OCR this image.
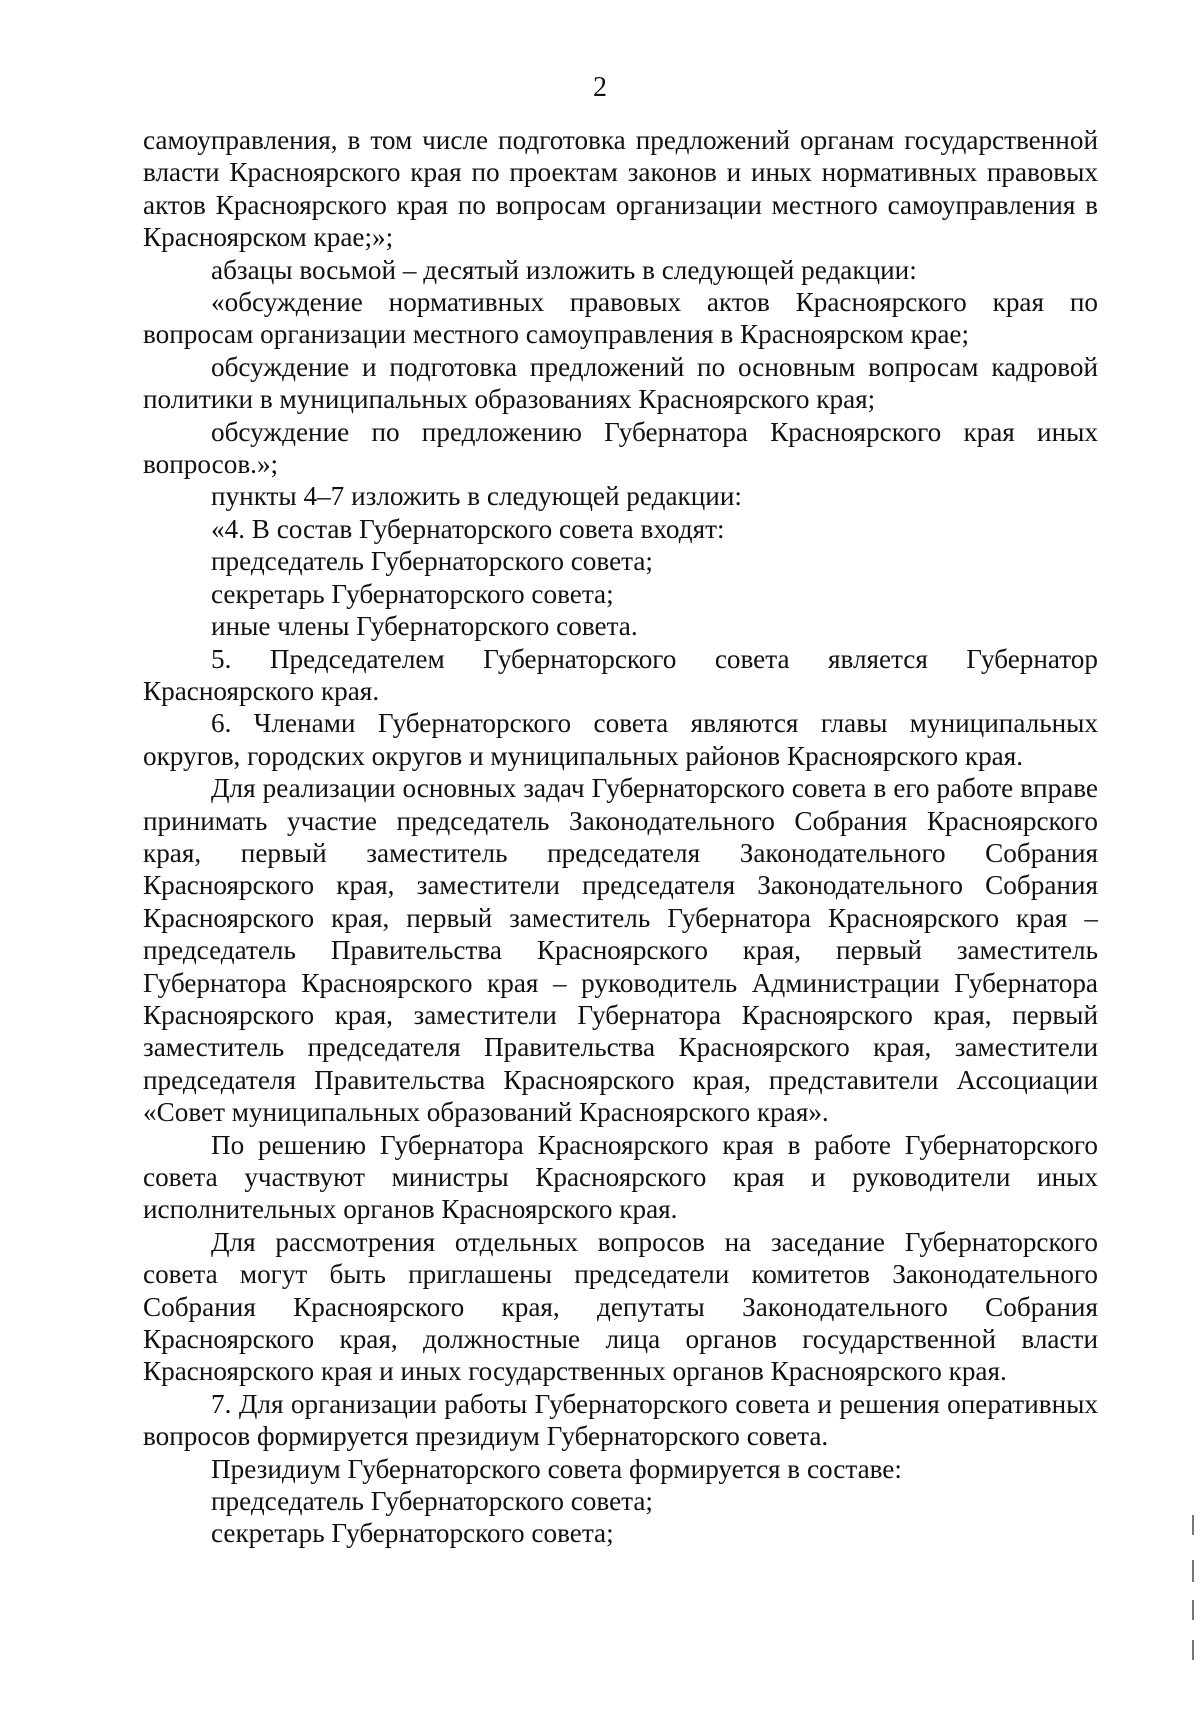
2

самоуправления, в том числе подготовка предложений органам государственной власти Красноярского края по проектам законов и иных нормативных правовых актов Красноярского края по вопросам организации местного самоуправления в Красноярском крае;»;

абзацы восьмой – десятый изложить в следующей редакции:

«обсуждение нормативных правовых актов Красноярского края по вопросам организации местного самоуправления в Красноярском крае;

обсуждение и подготовка предложений по основным вопросам кадровой политики в муниципальных образованиях Красноярского края;

обсуждение по предложению Губернатора Красноярского края иных вопросов.»;

пункты 4–7 изложить в следующей редакции:

«4. В состав Губернаторского совета входят:

председатель Губернаторского совета;

секретарь Губернаторского совета;

иные члены Губернаторского совета.

5. Председателем Губернаторского совета является Губернатор Красноярского края.

6. Членами Губернаторского совета являются главы муниципальных округов, городских округов и муниципальных районов Красноярского края.

Для реализации основных задач Губернаторского совета в его работе вправе принимать участие председатель Законодательного Собрания Красноярского края, первый заместитель председателя Законодательного Собрания Красноярского края, заместители председателя Законодательного Собрания Красноярского края, первый заместитель Губернатора Красноярского края – председатель Правительства Красноярского края, первый заместитель Губернатора Красноярского края – руководитель Администрации Губернатора Красноярского края, заместители Губернатора Красноярского края, первый заместитель председателя Правительства Красноярского края, заместители председателя Правительства Красноярского края, представители Ассоциации «Совет муниципальных образований Красноярского края».

По решению Губернатора Красноярского края в работе Губернаторского совета участвуют министры Красноярского края и руководители иных исполнительных органов Красноярского края.

Для рассмотрения отдельных вопросов на заседание Губернаторского совета могут быть приглашены председатели комитетов Законодательного Собрания Красноярского края, депутаты Законодательного Собрания Красноярского края, должностные лица органов государственной власти Красноярского края и иных государственных органов Красноярского края.

7. Для организации работы Губернаторского совета и решения оперативных вопросов формируется президиум Губернаторского совета.

Президиум Губернаторского совета формируется в составе:

председатель Губернаторского совета;

секретарь Губернаторского совета;
